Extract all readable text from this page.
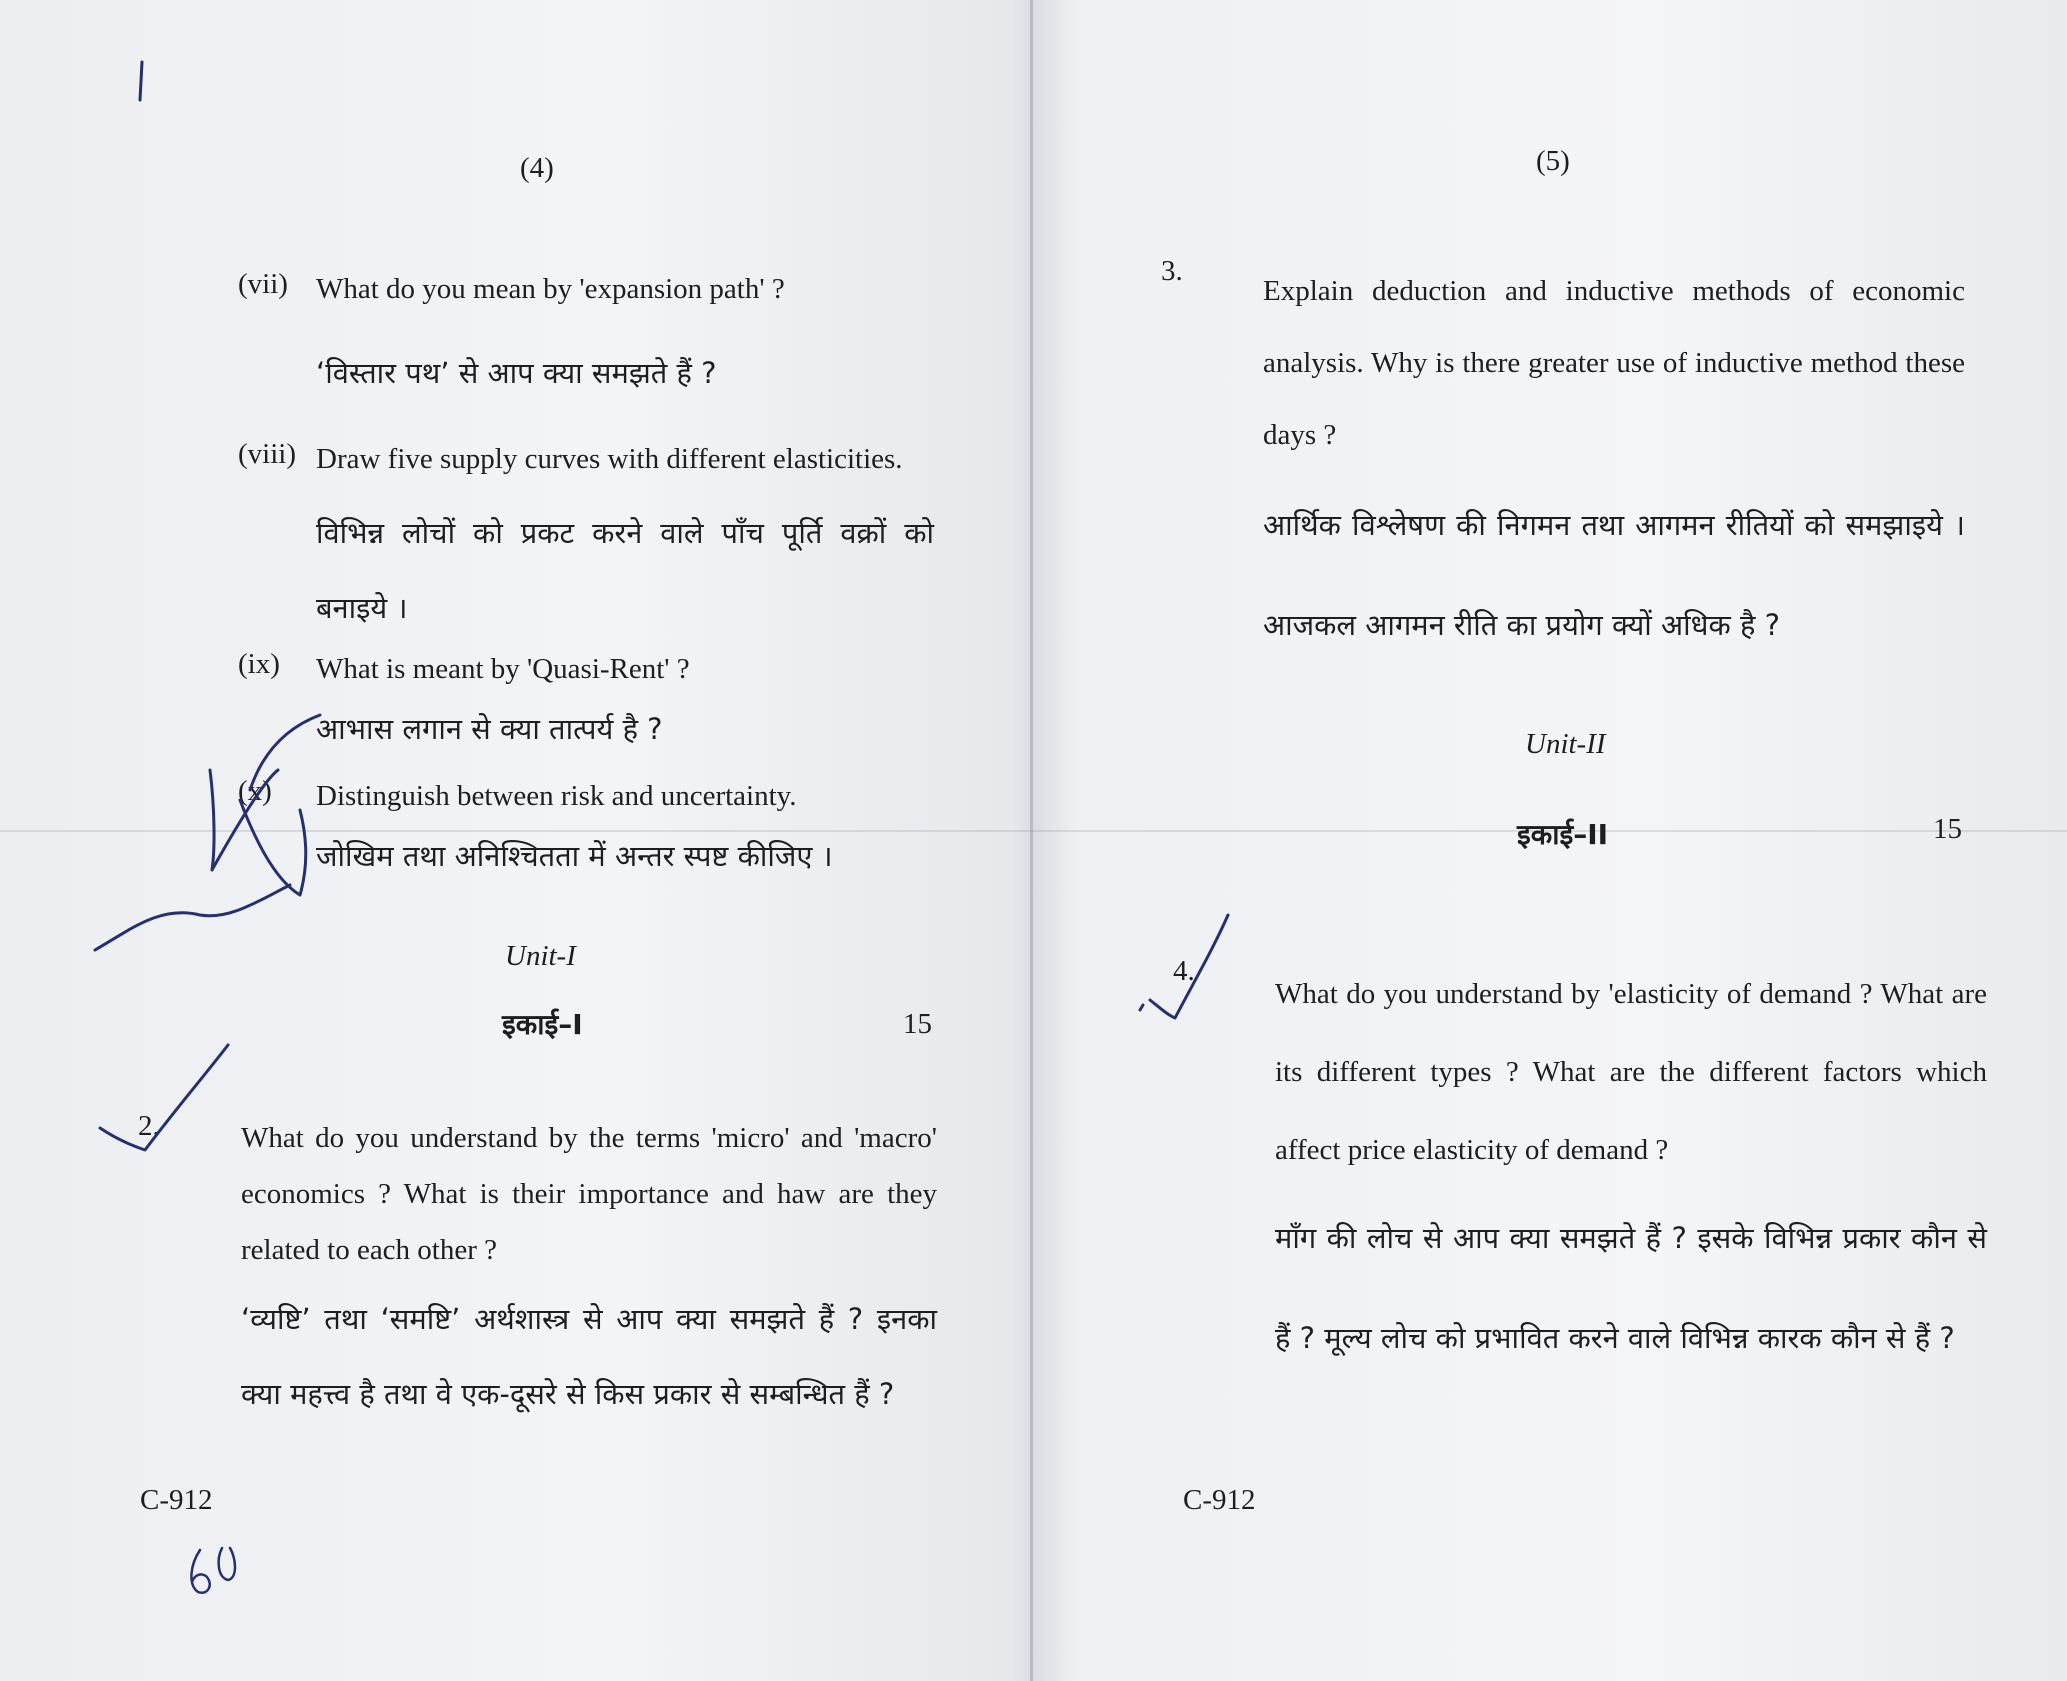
(4)
(vii) What do you mean by 'expansion path' ?
‘विस्तार पथ’ से आप क्या समझते हैं ?
(viii) Draw five supply curves with different elasticities.
विभिन्न लोचों को प्रकट करने वाले पाँच पूर्ति वक्रों को बनाइये ।
(ix) What is meant by 'Quasi-Rent' ?
आभास लगान से क्या तात्पर्य है ?
(x) Distinguish between risk and uncertainty.
जोखिम तथा अनिश्चितता में अन्तर स्पष्ट कीजिए ।
Unit-I
इकाई–I	15
2.	What do you understand by the terms 'micro' and 'macro' economics ? What is their importance and haw are they related to each other ?
‘व्यष्टि’ तथा ‘समष्टि’ अर्थशास्त्र से आप क्या समझते हैं ? इनका क्या महत्त्व है तथा वे एक-दूसरे से किस प्रकार से सम्बन्धित हैं ?
C-912
(5)
3.
Explain deduction and inductive methods of economic analysis. Why is there greater use of inductive method these days ?
आर्थिक विश्लेषण की निगमन तथा आगमन रीतियों को समझाइये । आजकल आगमन रीति का प्रयोग क्यों अधिक है ?
Unit-II
इकाई–II	15
4.
What do you understand by 'elasticity of demand ? What are its different types ? What are the different factors which affect price elasticity of demand ?
माँग की लोच से आप क्या समझते हैं ? इसके विभिन्न प्रकार कौन से हैं ? मूल्य लोच को प्रभावित करने वाले विभिन्न कारक कौन से हैं ?
C-912
